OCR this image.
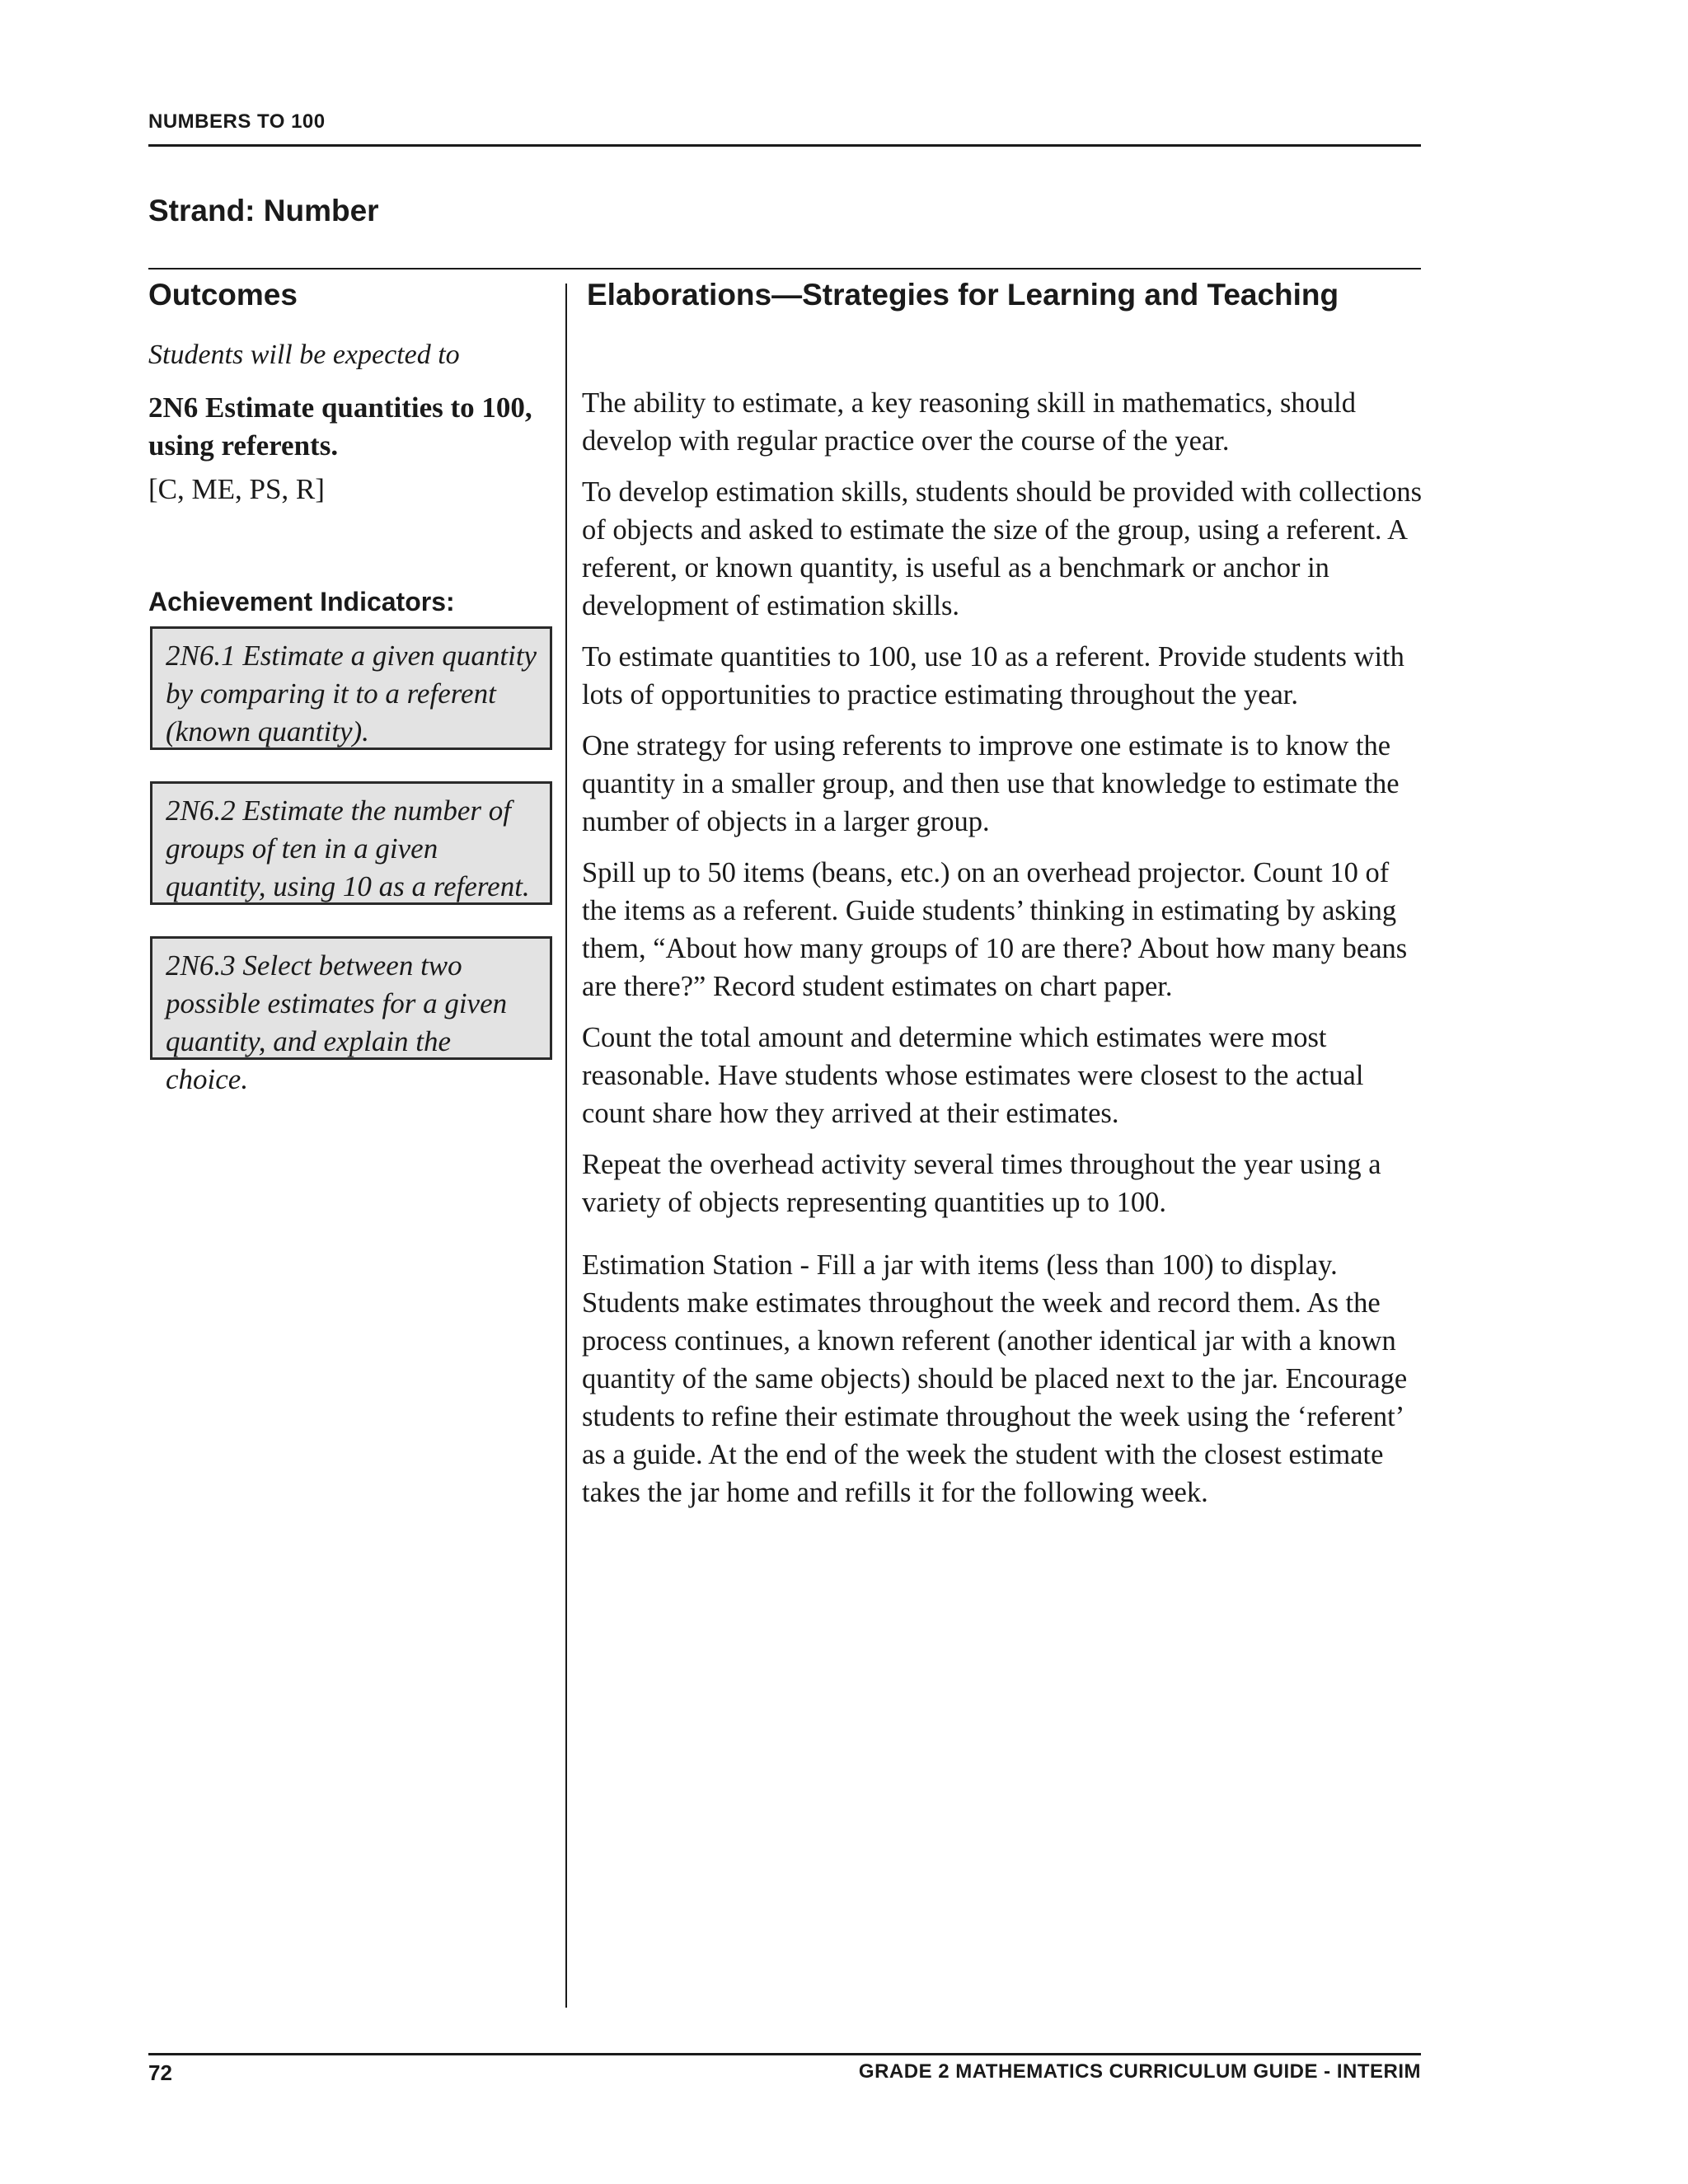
NUMBERS TO 100
Strand: Number
Outcomes	Elaborations—Strategies for Learning and Teaching
Students will be expected to
2N6 Estimate quantities to 100, using referents.
[C, ME, PS, R]
Achievement Indicators:
2N6.1 Estimate a given quantity by comparing it to a referent (known quantity).
2N6.2 Estimate the number of groups of ten in a given quantity, using 10 as a referent.
2N6.3 Select between two possible estimates for a given quantity, and explain the choice.

The ability to estimate, a key reasoning skill in mathematics, should develop with regular practice over the course of the year.

To develop estimation skills, students should be provided with collections of objects and asked to estimate the size of the group, using a referent. A referent, or known quantity, is useful as a benchmark or anchor in development of estimation skills.

To estimate quantities to 100, use 10 as a referent. Provide students with lots of opportunities to practice estimating throughout the year.

One strategy for using referents to improve one estimate is to know the quantity in a smaller group, and then use that knowledge to estimate the number of objects in a larger group.

Spill up to 50 items (beans, etc.) on an overhead projector. Count 10 of the items as a referent. Guide students’ thinking in estimating by asking them, “About how many groups of 10 are there? About how many beans are there?” Record student estimates on chart paper.

Count the total amount and determine which estimates were most reasonable. Have students whose estimates were closest to the actual count share how they arrived at their estimates.

Repeat the overhead activity several times throughout the year using a variety of objects representing quantities up to 100.

Estimation Station - Fill a jar with items (less than 100) to display. Students make estimates throughout the week and record them. As the process continues, a known referent (another identical jar with a known quantity of the same objects) should be placed next to the jar. Encourage students to refine their estimate throughout the week using the ‘referent’ as a guide. At the end of the week the student with the closest estimate takes the jar home and refills it for the following week.

72	GRADE 2 MATHEMATICS CURRICULUM GUIDE - INTERIM
